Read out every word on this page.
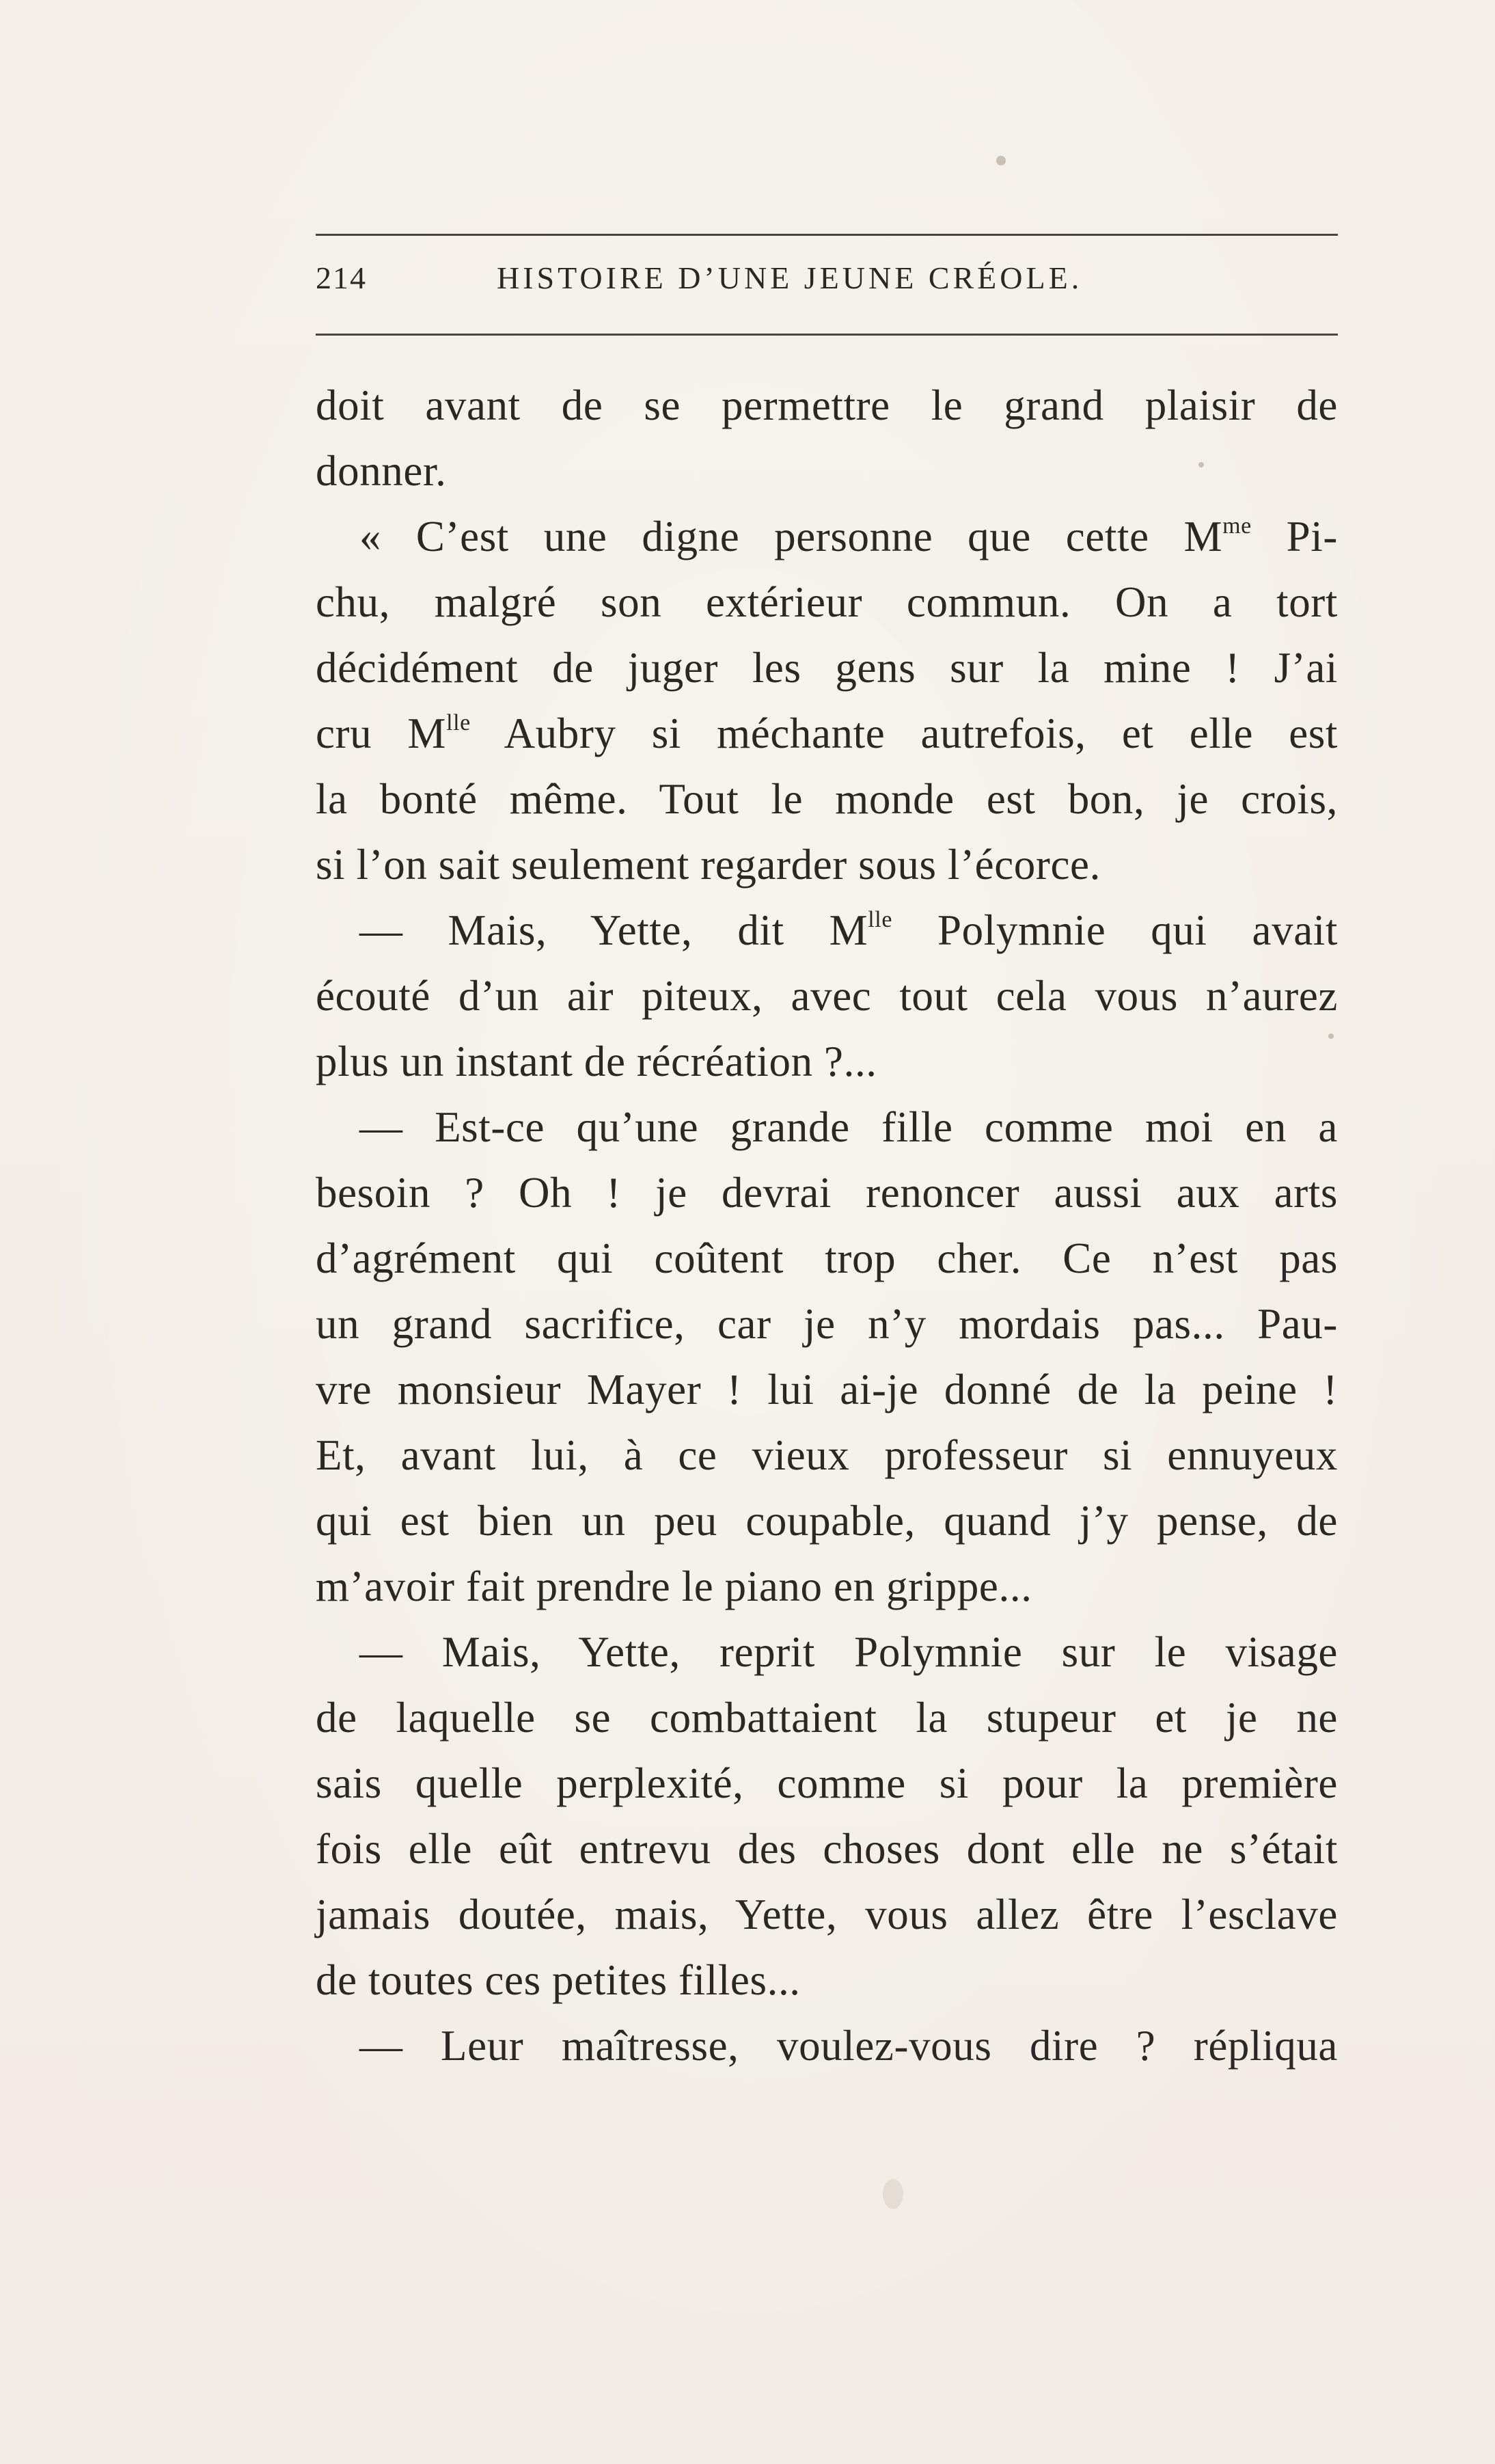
214	HISTOIRE D’UNE JEUNE CRÉOLE.
doit avant de se permettre le grand plaisir de
donner.
« C’est une digne personne que cette $M^{me}$ Pi-
chu, malgré son extérieur commun. On a tort
décidément de juger les gens sur la mine ! J’ai
cru $M^{lle}$ Aubry si méchante autrefois, et elle est
la bonté même. Tout le monde est bon, je crois,
si l’on sait seulement regarder sous l’écorce.
— Mais, Yette, dit $M^{lle}$ Polymnie qui avait
écouté d’un air piteux, avec tout cela vous n’aurez
plus un instant de récréation ?...
— Est-ce qu’une grande fille comme moi en a
besoin ? Oh ! je devrai renoncer aussi aux arts
d’agrément qui coûtent trop cher. Ce n’est pas
un grand sacrifice, car je n’y mordais pas... Pau-
vre monsieur Mayer ! lui ai-je donné de la peine !
Et, avant lui, à ce vieux professeur si ennuyeux
qui est bien un peu coupable, quand j’y pense, de
m’avoir fait prendre le piano en grippe...
— Mais, Yette, reprit Polymnie sur le visage
de laquelle se combattaient la stupeur et je ne
sais quelle perplexité, comme si pour la première
fois elle eût entrevu des choses dont elle ne s’était
jamais doutée, mais, Yette, vous allez être l’esclave
de toutes ces petites filles...
— Leur maîtresse, voulez-vous dire ? répliqua
